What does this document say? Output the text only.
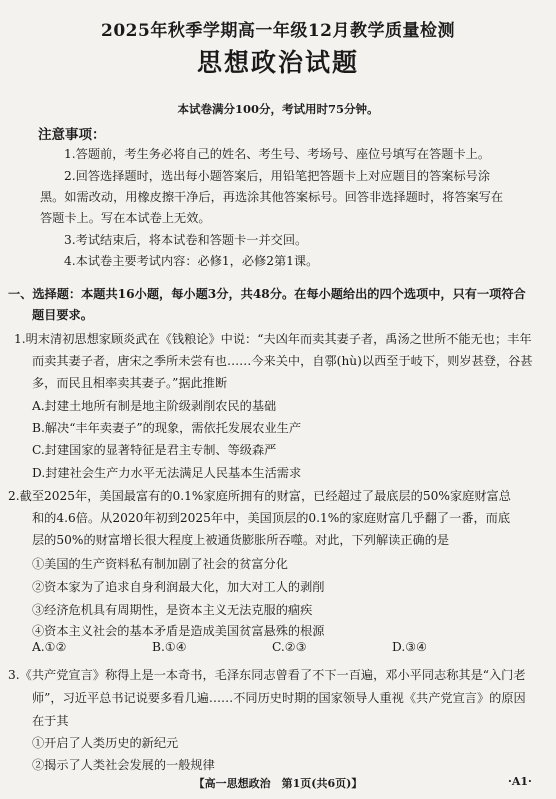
2025年秋季学期高一年级12月教学质量检测
思想政治试题
本试卷满分100分，考试用时75分钟。
注意事项：
1.答题前，考生务必将自己的姓名、考生号、考场号、座位号填写在答题卡上。
2.回答选择题时，选出每小题答案后，用铅笔把答题卡上对应题目的答案标号涂
黑。如需改动，用橡皮擦干净后，再选涂其他答案标号。回答非选择题时，将答案写在
答题卡上。写在本试卷上无效。
3.考试结束后，将本试卷和答题卡一并交回。
4.本试卷主要考试内容：必修1，必修2第1课。
一、选择题：本题共16小题，每小题3分，共48分。在每小题给出的四个选项中，只有一项符合
题目要求。
1.明末清初思想家顾炎武在《钱粮论》中说：“夫凶年而卖其妻子者，禹汤之世所不能无也；丰年
而卖其妻子者，唐宋之季所未尝有也……今来关中，自鄠(hù)以西至于岐下，则岁甚登，谷甚
多，而民且相率卖其妻子。”据此推断
A.封建土地所有制是地主阶级剥削农民的基础
B.解决“丰年卖妻子”的现象，需依托发展农业生产
C.封建国家的显著特征是君主专制、等级森严
D.封建社会生产力水平无法满足人民基本生活需求
2.截至2025年，美国最富有的0.1%家庭所拥有的财富，已经超过了最底层的50%家庭财富总
和的4.6倍。从2020年初到2025年中，美国顶层的0.1%的家庭财富几乎翻了一番，而底
层的50%的财富增长很大程度上被通货膨胀所吞噬。对此，下列解读正确的是
①美国的生产资料私有制加剧了社会的贫富分化
②资本家为了追求自身利润最大化，加大对工人的剥削
③经济危机具有周期性，是资本主义无法克服的痼疾
④资本主义社会的基本矛盾是造成美国贫富悬殊的根源
A.①②	B.①④	C.②③	D.③④
3.《共产党宣言》称得上是一本奇书，毛泽东同志曾看了不下一百遍，邓小平同志称其是“入门老
师”，习近平总书记说要多看几遍……不同历史时期的国家领导人重视《共产党宣言》的原因
在于其
①开启了人类历史的新纪元
②揭示了人类社会发展的一般规律
【高一思想政治　第1页(共6页)】	·A1·
